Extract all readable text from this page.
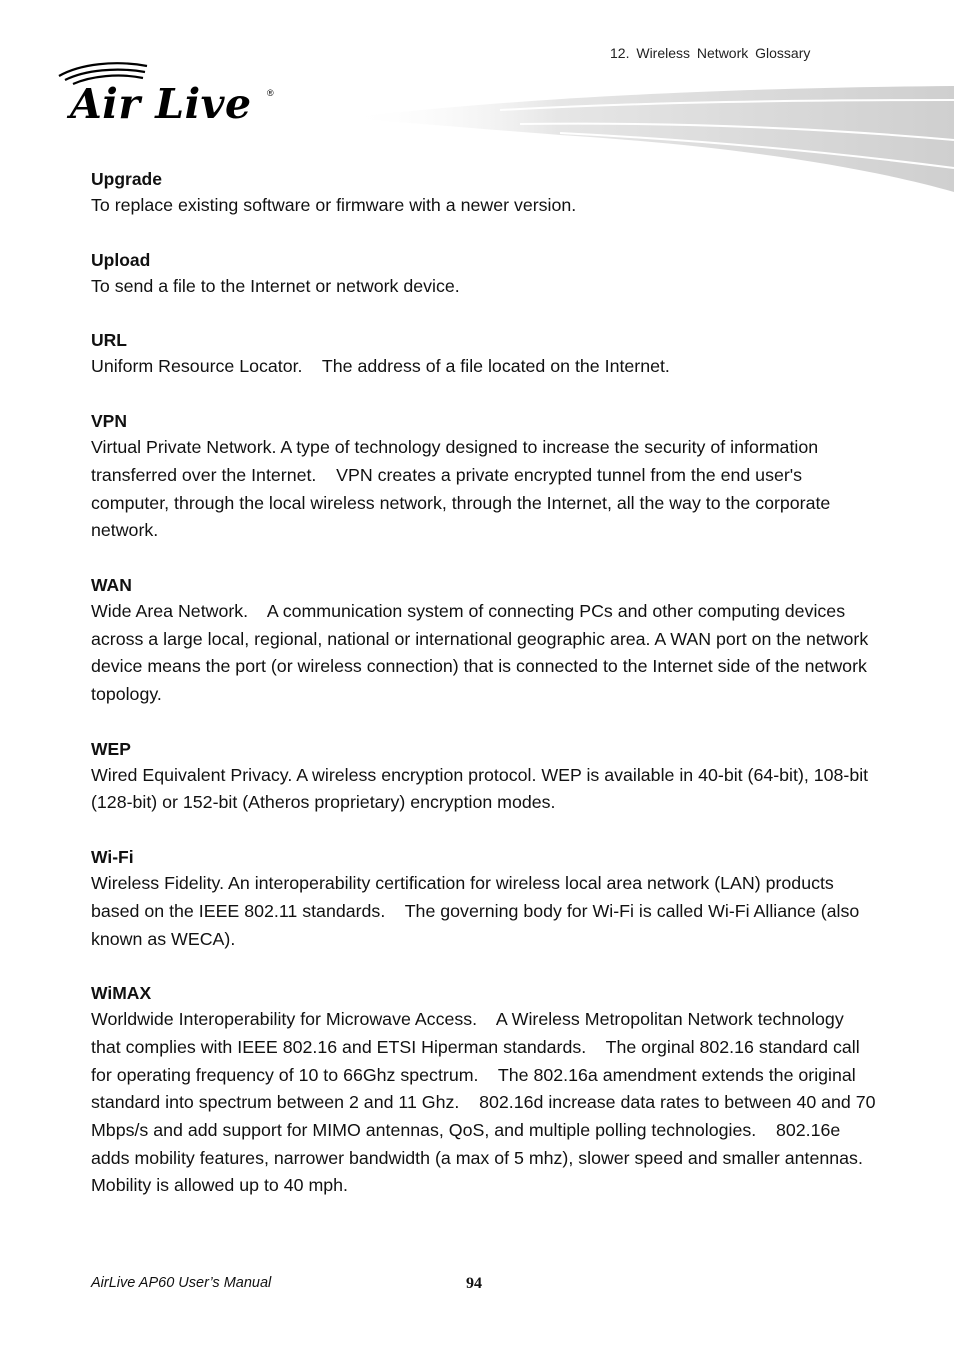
Air Live ®
12. Wireless Network Glossary

Upgrade

To replace existing software or firmware with a newer version.

Upload

To send a file to the Internet or network device.

URL

Uniform Resource Locator.    The address of a file located on the Internet.

VPN

Virtual Private Network. A type of technology designed to increase the security of information transferred over the Internet.    VPN creates a private encrypted tunnel from the end user's computer, through the local wireless network, through the Internet, all the way to the corporate network.

WAN

Wide Area Network.    A communication system of connecting PCs and other computing devices across a large local, regional, national or international geographic area. A WAN port on the network device means the port (or wireless connection) that is connected to the Internet side of the network topology.

WEP

Wired Equivalent Privacy. A wireless encryption protocol. WEP is available in 40-bit (64-bit), 108-bit (128-bit) or 152-bit (Atheros proprietary) encryption modes.

Wi-Fi

Wireless Fidelity. An interoperability certification for wireless local area network (LAN) products based on the IEEE 802.11 standards.    The governing body for Wi-Fi is called Wi-Fi Alliance (also known as WECA).

WiMAX

Worldwide Interoperability for Microwave Access.    A Wireless Metropolitan Network technology that complies with IEEE 802.16 and ETSI Hiperman standards.    The orginal 802.16 standard call for operating frequency of 10 to 66Ghz spectrum.    The 802.16a amendment extends the original standard into spectrum between 2 and 11 Ghz.    802.16d increase data rates to between 40 and 70 Mbps/s and add support for MIMO antennas, QoS, and multiple polling technologies.    802.16e adds mobility features, narrower bandwidth (a max of 5 mhz), slower speed and smaller antennas. Mobility is allowed up to 40 mph.

AirLive AP60 User’s Manual	94
